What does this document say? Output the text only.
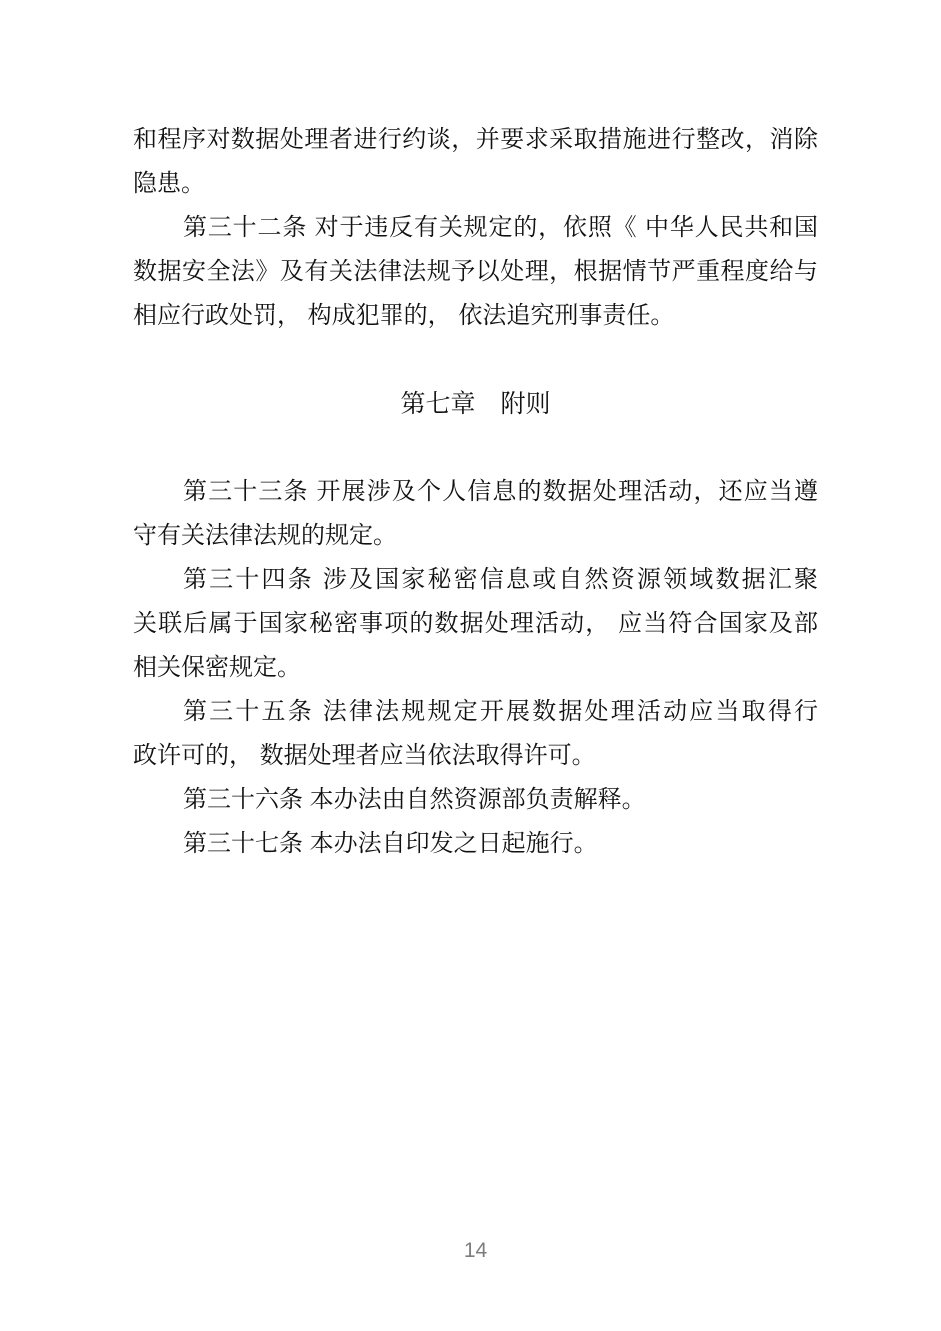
和程序对数据处理者进行约谈，并要求采取措施进行整改，消除
隐患。
第三十二条 对于违反有关规定的，依照《 中华人民共和国
数据安全法》及有关法律法规予以处理，根据情节严重程度给与
相应行政处罚， 构成犯罪的， 依法追究刑事责任。
第七章　附则
第三十三条 开展涉及个人信息的数据处理活动，还应当遵
守有关法律法规的规定。
第三十四条 涉及国家秘密信息或自然资源领域数据汇聚
关联后属于国家秘密事项的数据处理活动， 应当符合国家及部
相关保密规定。
第三十五条 法律法规规定开展数据处理活动应当取得行
政许可的， 数据处理者应当依法取得许可。
第三十六条 本办法由自然资源部负责解释。
第三十七条 本办法自印发之日起施行。
14
